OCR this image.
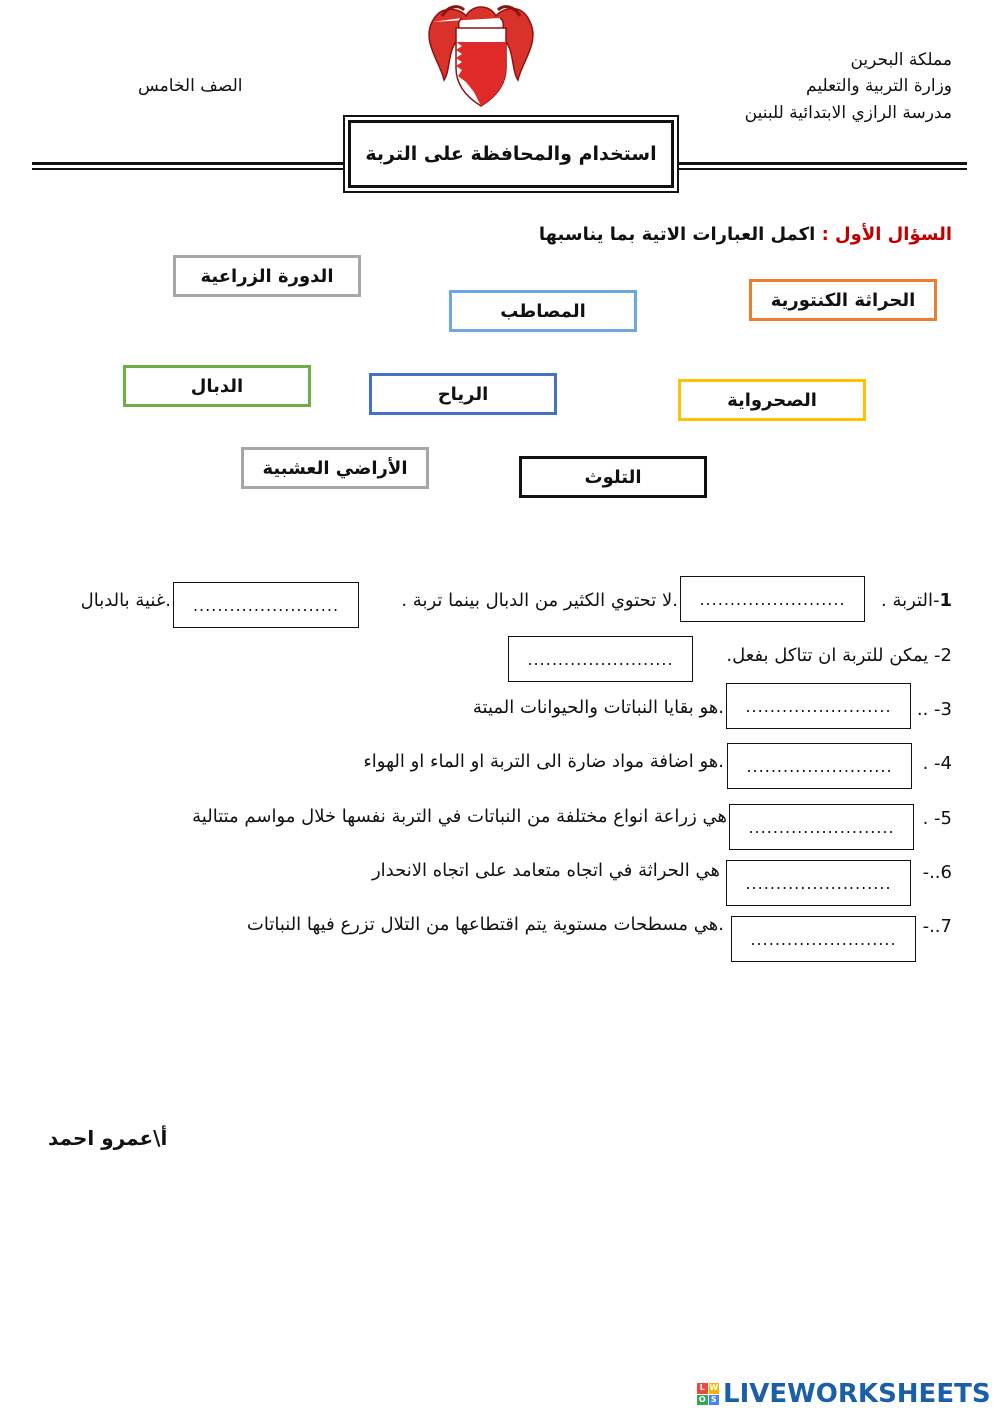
مملكة البحرين
وزارة التربية والتعليم
مدرسة الرازي الابتدائية للبنين
الصف الخامس
استخدام والمحافظة على التربة
السؤال الأول : اكمل العبارات الاتية بما يناسبها
الدورة الزراعية
المصاطب
الحراثة الكنتورية
الدبال	الرياح	الصحرواية
الأراضي العشبية	التلوث
1-التربة .
........................
.لا تحتوي الكثير من الدبال بينما تربة .
........................
.غنية بالدبال
2- يمكن للتربة ان تتاكل بفعل.
........................
3- ..
........................
.هو بقايا النباتات والحيوانات الميتة
4- .
........................
.هو اضافة مواد ضارة الى التربة او الماء او الهواء
5- .
........................
هي زراعة انواع مختلفة من النباتات في التربة نفسها خلال مواسم متتالية
6..-
........................
هي الحراثة في اتجاه متعامد على اتجاه الانحدار
7..-
........................
.هي مسطحات مستوية يتم اقتطاعها من التلال تزرع فيها النباتات
أ\عمرو احمد
L W
O S LIVEWORKSHEETS
